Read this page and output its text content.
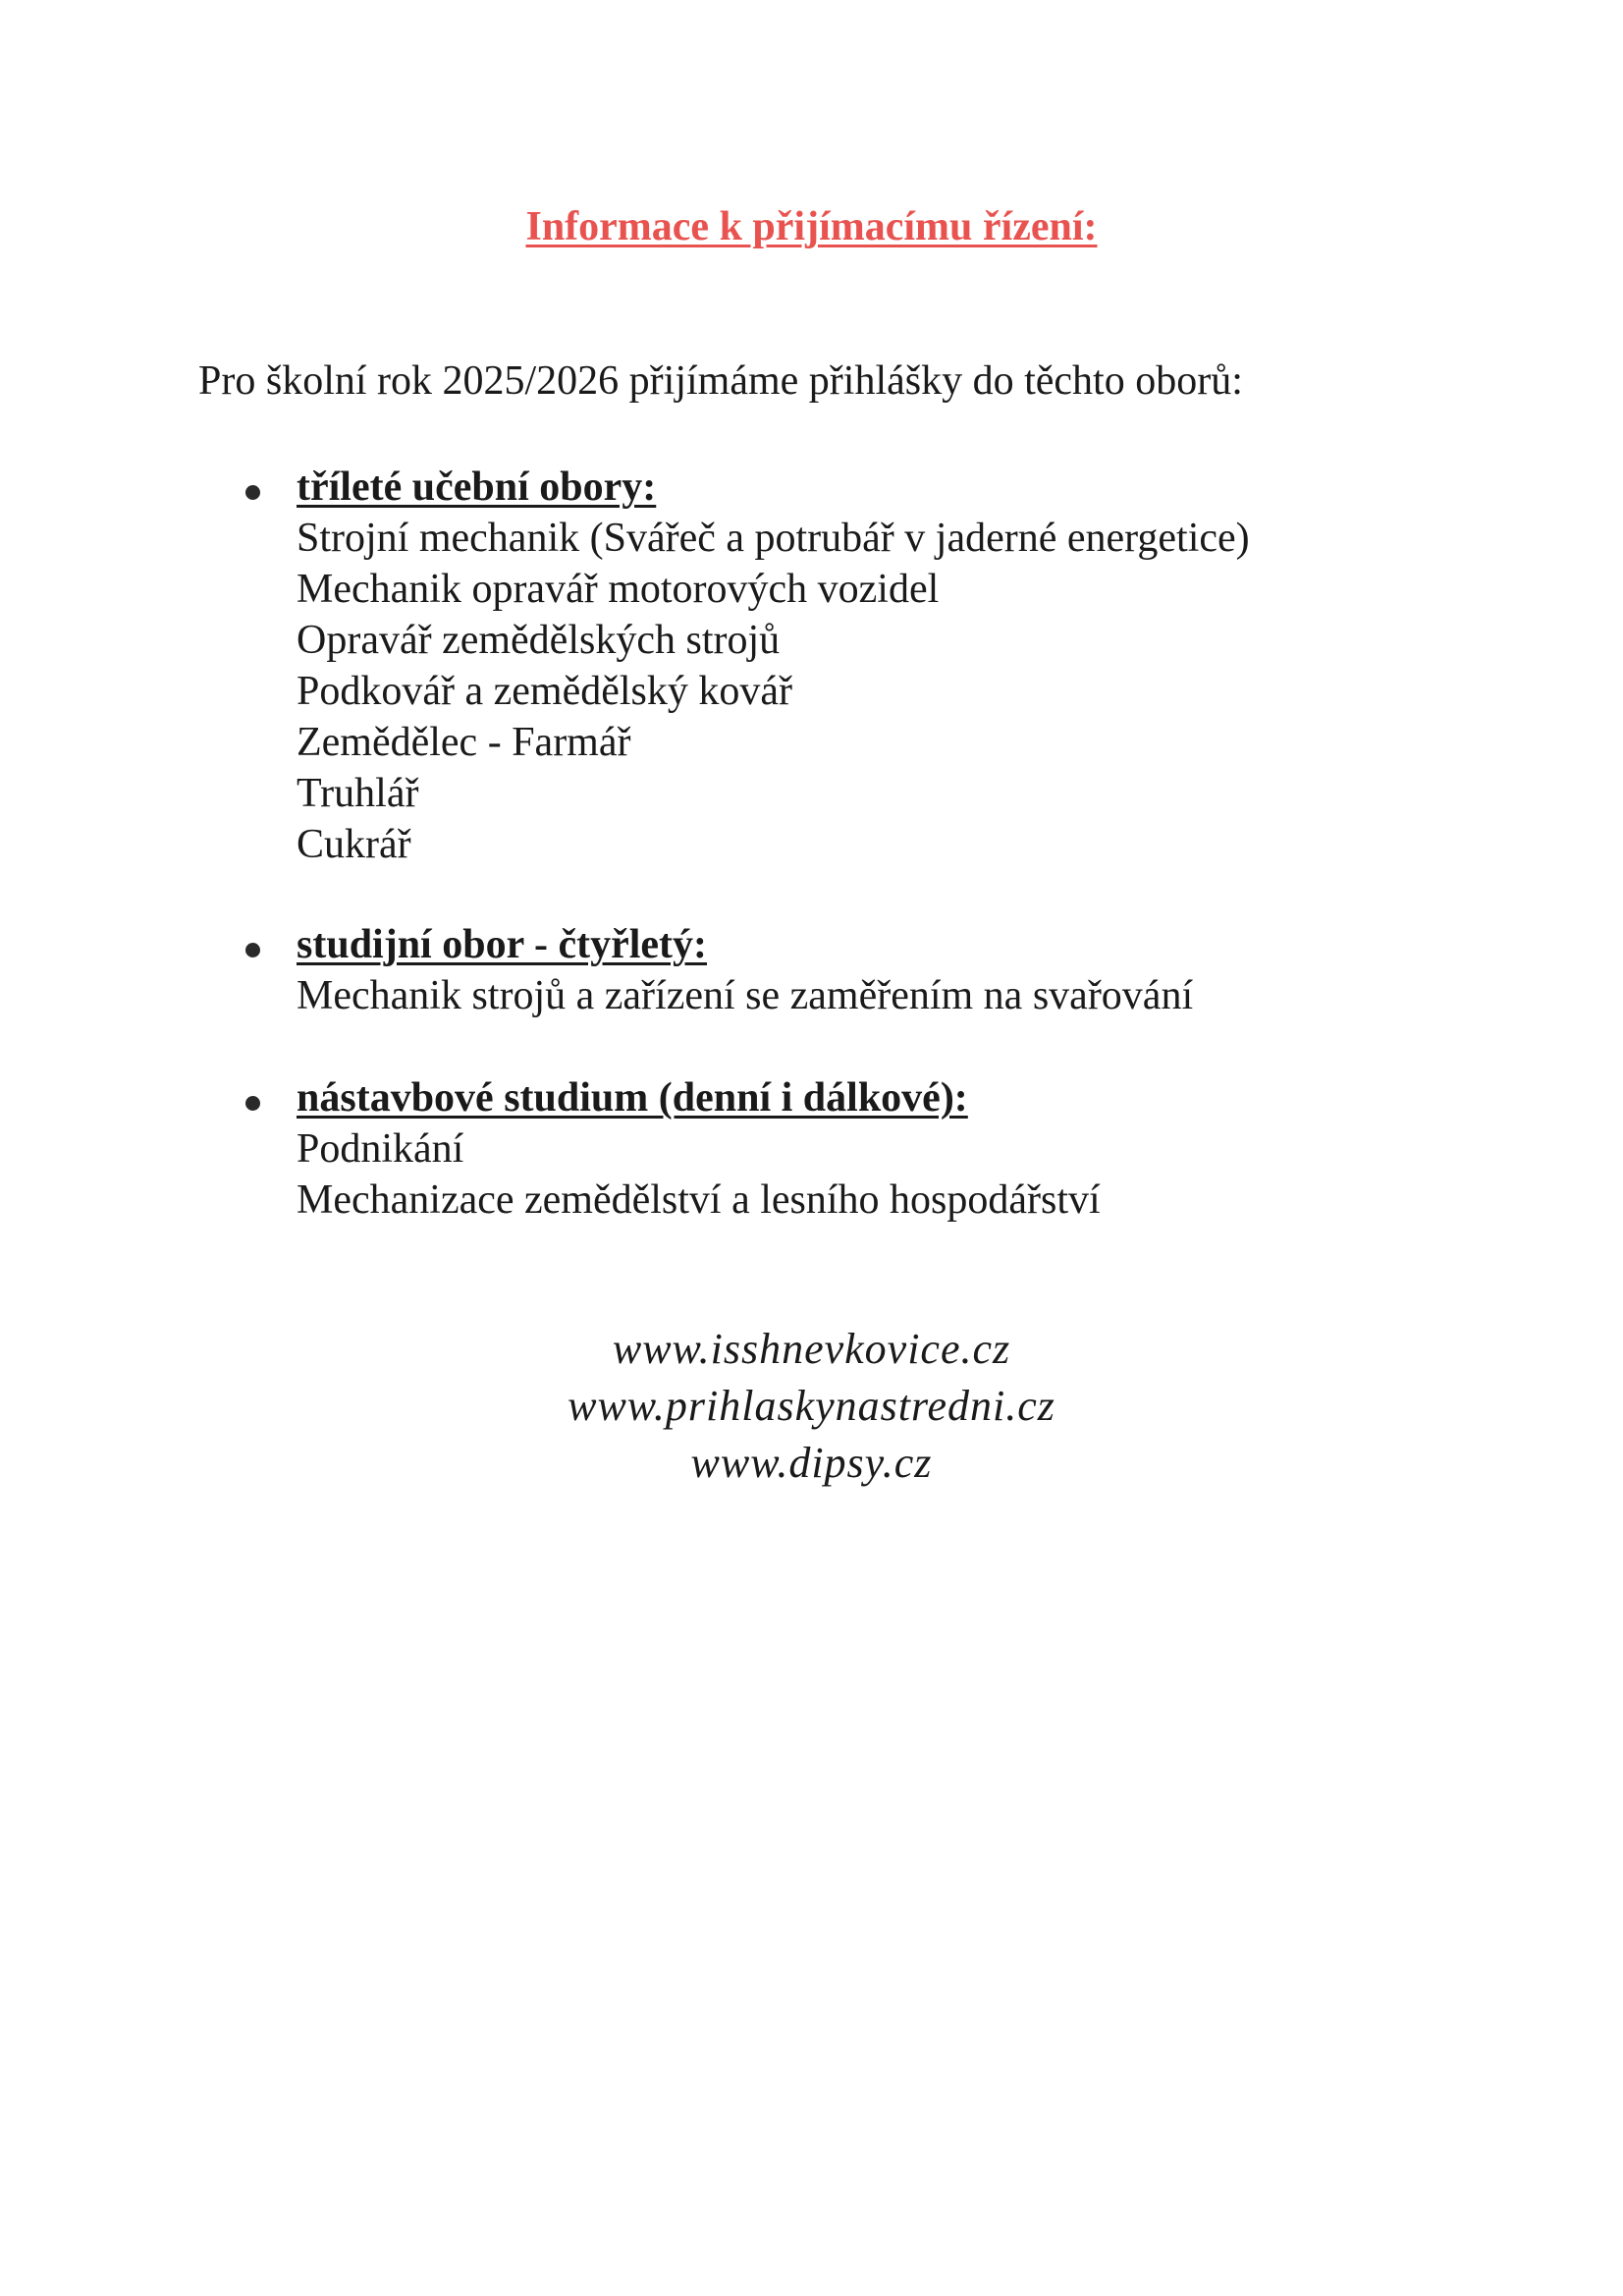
Informace k přijímacímu řízení:
Pro školní rok 2025/2026 přijímáme přihlášky do těchto oborů:
tříleté učební obory:
Strojní mechanik (Svářeč a potrubář v jaderné energetice)
Mechanik opravář motorových vozidel
Opravář zemědělských strojů
Podkovář a zemědělský kovář
Zemědělec - Farmář
Truhlář
Cukrář
studijní obor - čtyřletý:
Mechanik strojů a zařízení se zaměřením na svařování
nástavbové studium (denní i dálkové):
Podnikání
Mechanizace zemědělství a lesního hospodářství
www.isshnevkovice.cz
www.prihlaskynastredni.cz
www.dipsy.cz
